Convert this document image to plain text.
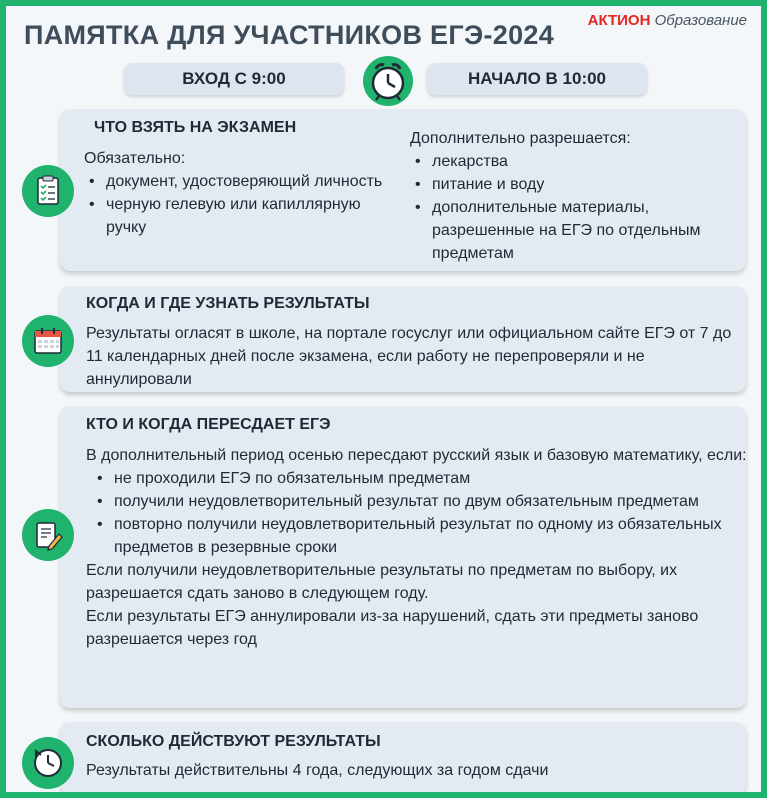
ПАМЯТКА ДЛЯ УЧАСТНИКОВ ЕГЭ-2024 АКТИОН Образование
ВХОД С 9:00	НАЧАЛО В 10:00
ЧТО ВЗЯТЬ НА ЭКЗАМЕН

Обязательно:

• документ, удостоверяющий личность
• черную гелевую или капиллярную ручку

Дополнительно разрешается:

• лекарства
• питание и воду
• дополнительные материалы, разрешенные на ЕГЭ по отдельным предметам
КОГДА И ГДЕ УЗНАТЬ РЕЗУЛЬТАТЫ
Результаты огласят в школе, на портале госуслуг или официальном сайте ЕГЭ от 7 до 11 календарных дней после экзамена, если работу не перепроверяли и не аннулировали
КТО И КОГДА ПЕРЕСДАЕТ ЕГЭ

В дополнительный период осенью пересдают русский язык и базовую математику, если:

• не проходили ЕГЭ по обязательным предметам
• получили неудовлетворительный результат по двум обязательным предметам
• повторно получили неудовлетворительный результат по одному из обязательных предметов в резервные сроки

Если получили неудовлетворительные результаты по предметам по выбору, их разрешается сдать заново в следующем году.

Если результаты ЕГЭ аннулировали из-за нарушений, сдать эти предметы заново разрешается через год

СКОЛЬКО ДЕЙСТВУЮТ РЕЗУЛЬТАТЫ
Результаты действительны 4 года, следующих за годом сдачи
